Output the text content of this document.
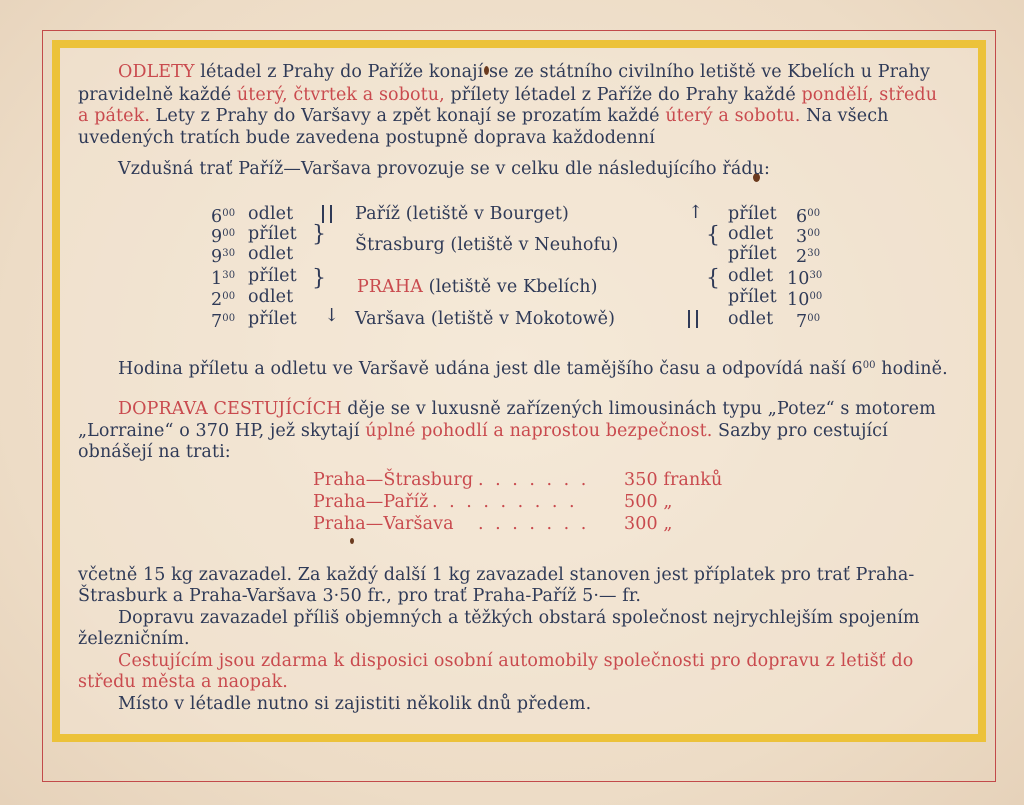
ODLETY létadel z Prahy do Paříže konají se ze státního civilního letiště ve Kbelích u Prahy
pravidelně každé úterý, čtvrtek a sobotu, přílety létadel z Paříže do Prahy každé pondělí, středu
a pátek. Lety z Prahy do Varšavy a zpět konají se prozatím každé úterý a sobotu. Na všech
uvedených tratích bude zavedena postupně doprava každodenní
Vzdušná trať Paříž—Varšava provozuje se v celku dle následujícího řádu:
$6^{00}$
$9^{00}$
$9^{30}$
$1^{30}$
$2^{00}$
$7^{00}$
odlet
přílet
odlet
přílet
odlet
přílet
}
}
↓
Paříž (letiště v Bourget)
Štrasburg (letiště v Neuhofu)
PRAHA (letiště ve Kbelích)
Varšava (letiště v Mokotowě)
↑
{
{
přílet
odlet
přílet
odlet
přílet
odlet
$6^{00}$
$3^{00}$
$2^{30}$
$10^{30}$
$10^{00}$
$7^{00}$
Hodina příletu a odletu ve Varšavě udána jest dle tamějšího času a odpovídá naší $6^{00}$ hodině.
DOPRAVA CESTUJÍCÍCH děje se v luxusně zařízených limousinách typu „Potez“ s motorem
„Lorraine“ o 370 HP, jež skytají úplné pohodlí a naprostou bezpečnost. Sazby pro cestující
obnášejí na trati:
Praha—Štrasburg . . . . . . . 350 franků
Praha—Paříž . . . . . . . . .	500 „
Praha—Varšava . . . . . . . 300 „
včetně 15 kg zavazadel. Za každý další 1 kg zavazadel stanoven jest příplatek pro trať Praha-
Štrasburk a Praha-Varšava 3·50 fr., pro trať Praha-Paříž 5·— fr.
Dopravu zavazadel příliš objemných a těžkých obstará společnost nejrychlejším spojením
železničním.
Cestujícím jsou zdarma k disposici osobní automobily společnosti pro dopravu z letišť do
středu města a naopak.
Místo v létadle nutno si zajistiti několik dnů předem.
